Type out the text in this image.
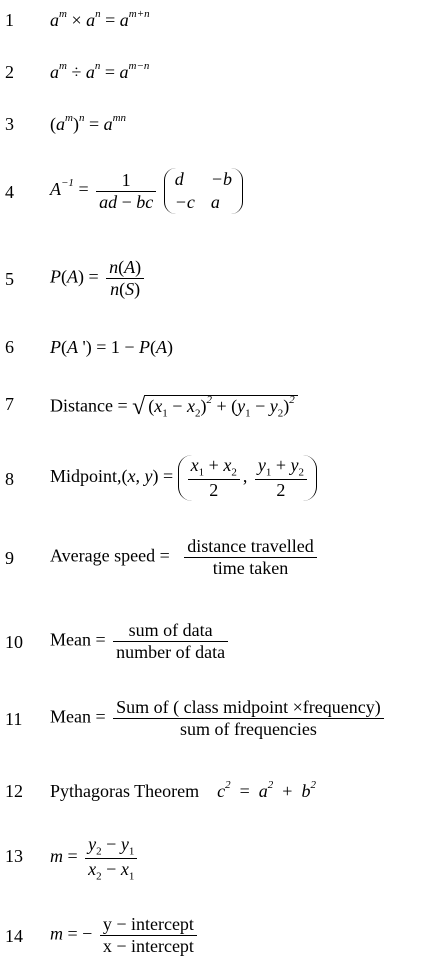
1 $a^m \times a^n = a^{m+n}$
2 $a^m \div a^n = a^{m-n}$
3 $(a^m)^n = a^{mn}$
4 $A^{-1} = \frac{1}{ad - bc}$
d	−b
−c	a
5 $P(A) = \frac{n(A)}{n(S)}$
6 P(A ') = 1 − P(A)
7 Distance = √ $(x_1 - x_2)^2 + (y_1 - y_2)^2$
8 Midpoint,(x, $y) = \frac{x_1 + x_2}{2}$ , $\frac{y_1 + y_2}{2}$
9 Average speed = $\frac{\text{distance travelled}}{\text{time taken}}$
10 Mean = $\frac{\text{sum of data}}{\text{number of data}}$
11 Mean = $\frac{\text{Sum of ( class midpoint ×frequency)}}{\text{sum of frequencies}}$
12 Pythagoras Theorem $c^2 = a^2 + b^2$
13 $m = \frac{y_2 - y_1}{x_2 - x_1}$
14 m = − $\frac{\text{y − intercept}}{\text{x − intercept}}$
